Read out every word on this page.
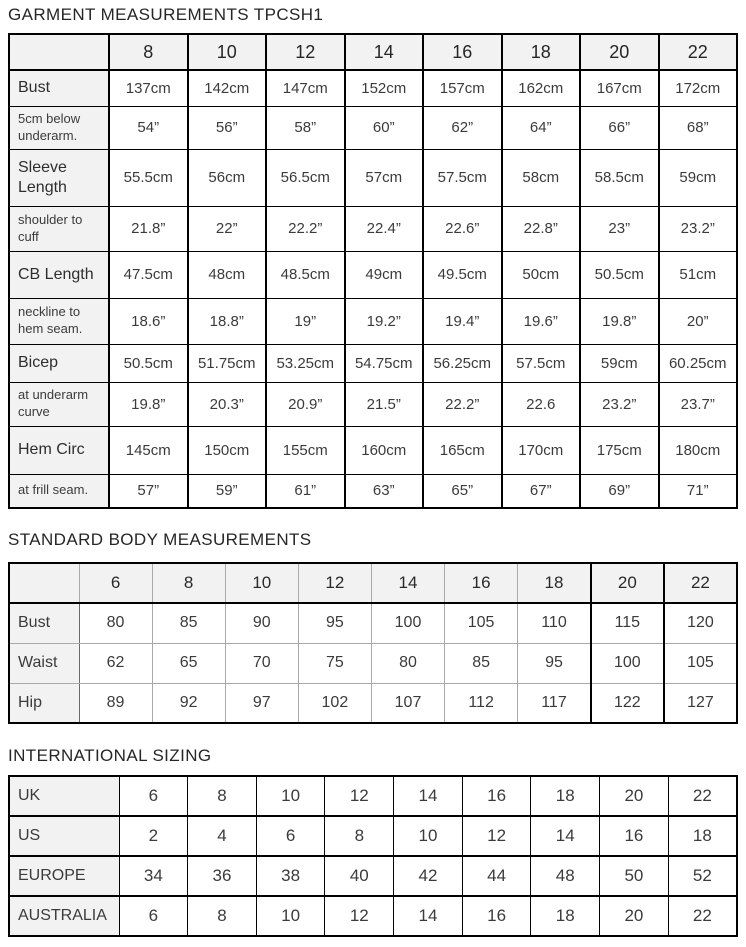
GARMENT MEASUREMENTS TPCSH1
	8	10	12	14	16	18	20	22
Bust	137cm	142cm	147cm	152cm	157cm	162cm	167cm	172cm
5cm below underarm.	54”	56”	58”	60”	62”	64”	66”	68”
Sleeve Length	55.5cm	56cm	56.5cm	57cm	57.5cm	58cm	58.5cm	59cm
shoulder to cuff	21.8”	22”	22.2”	22.4”	22.6”	22.8”	23”	23.2”
CB Length	47.5cm	48cm	48.5cm	49cm	49.5cm	50cm	50.5cm	51cm
neckline to hem seam.	18.6”	18.8”	19”	19.2”	19.4”	19.6”	19.8”	20”
Bicep	50.5cm	51.75cm	53.25cm	54.75cm	56.25cm	57.5cm	59cm	60.25cm
at underarm curve	19.8”	20.3”	20.9”	21.5”	22.2”	22.6	23.2”	23.7”
Hem Circ	145cm	150cm	155cm	160cm	165cm	170cm	175cm	180cm
at frill seam.	57”	59”	61”	63”	65”	67”	69”	71”
STANDARD BODY MEASUREMENTS
	6	8	10	12	14	16	18	20	22
Bust	80	85	90	95	100	105	110	115	120
Waist	62	65	70	75	80	85	95	100	105
Hip	89	92	97	102	107	112	117	122	127
INTERNATIONAL SIZING
UK	6	8	10	12	14	16	18	20	22
US	2	4	6	8	10	12	14	16	18
EUROPE	34	36	38	40	42	44	48	50	52
AUSTRALIA	6	8	10	12	14	16	18	20	22
